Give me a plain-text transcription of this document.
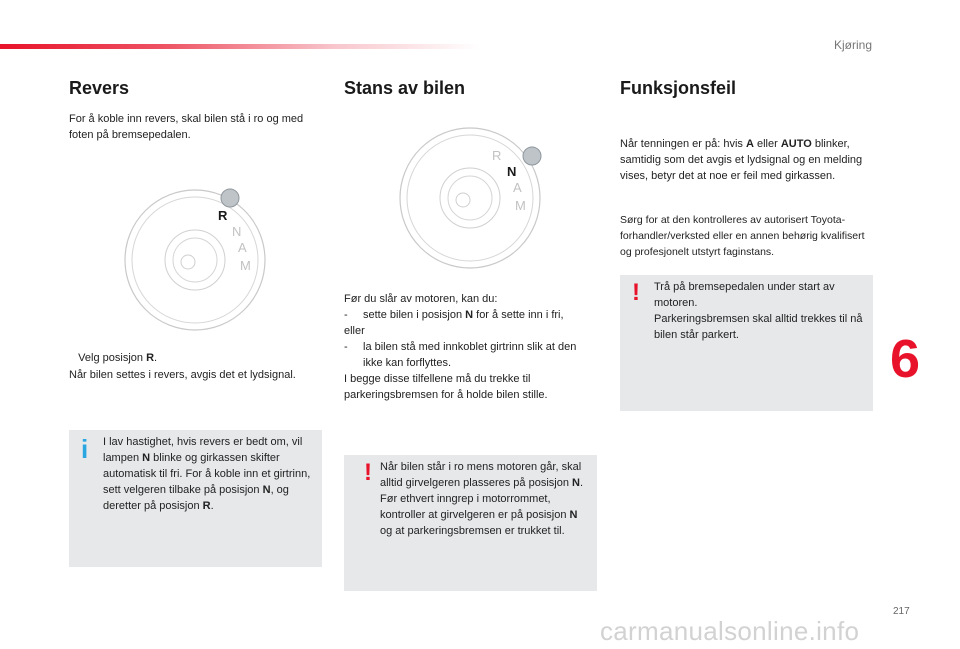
Kjøring
6
217
carmanualsonline.info
Revers

For å koble inn revers, skal bilen stå i ro og med foten på bremsepedalen.

R
N
A
M

Velg posisjon R.
Når bilen settes i revers, avgis det et lydsignal.

i I lav hastighet, hvis revers er bedt om, vil lampen N blinke og girkassen skifter automatisk til fri. For å koble inn et girtrinn, sett velgeren tilbake på posisjon N, og deretter på posisjon R.
Stans av bilen
R
N
A
M
Før du slår av motoren, kan du:
- sette bilen i posisjon N for å sette inn i fri,
eller
- la bilen stå med innkoblet girtrinn slik at den ikke kan forflyttes.
I begge disse tilfellene må du trekke til parkeringsbremsen for å holde bilen stille.
! Når bilen står i ro mens motoren går, skal alltid girvelgeren plasseres på posisjon N.
Før ethvert inngrep i motorrommet, kontroller at girvelgeren er på posisjon N og at parkeringsbremsen er trukket til.
Funksjonsfeil

Når tenningen er på: hvis A eller AUTO blinker, samtidig som det avgis et lydsignal og en melding vises, betyr det at noe er feil med girkassen.

Sørg for at den kontrolleres av autorisert Toyota-forhandler/verksted eller en annen behørig kvalifisert og profesjonelt utstyrt faginstans.

! Trå på bremsepedalen under start av motoren.
Parkeringsbremsen skal alltid trekkes til nå bilen står parkert.
